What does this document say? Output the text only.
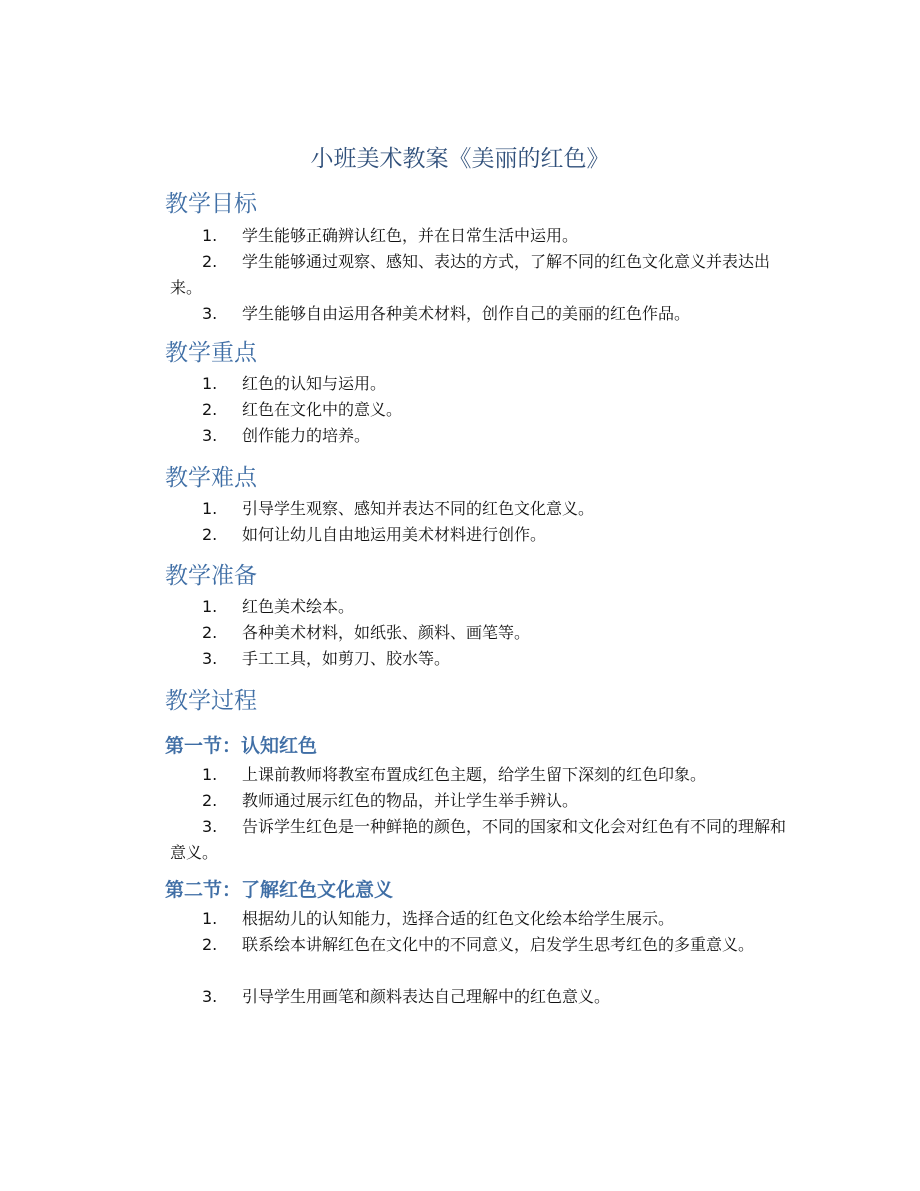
小班美术教案《美丽的红色》
教学目标
1. 学生能够正确辨认红色，并在日常生活中运用。
2. 学生能够通过观察、感知、表达的方式，了解不同的红色文化意义并表达出来。
3. 学生能够自由运用各种美术材料，创作自己的美丽的红色作品。
教学重点
1. 红色的认知与运用。
2. 红色在文化中的意义。
3. 创作能力的培养。
教学难点
1. 引导学生观察、感知并表达不同的红色文化意义。
2. 如何让幼儿自由地运用美术材料进行创作。
教学准备
1. 红色美术绘本。
2. 各种美术材料，如纸张、颜料、画笔等。
3. 手工工具，如剪刀、胶水等。
教学过程
第一节：认知红色
1. 上课前教师将教室布置成红色主题，给学生留下深刻的红色印象。
2. 教师通过展示红色的物品，并让学生举手辨认。
3. 告诉学生红色是一种鲜艳的颜色，不同的国家和文化会对红色有不同的理解和意义。
第二节：了解红色文化意义
1. 根据幼儿的认知能力，选择合适的红色文化绘本给学生展示。
2. 联系绘本讲解红色在文化中的不同意义，启发学生思考红色的多重意义。
3. 引导学生用画笔和颜料表达自己理解中的红色意义。
